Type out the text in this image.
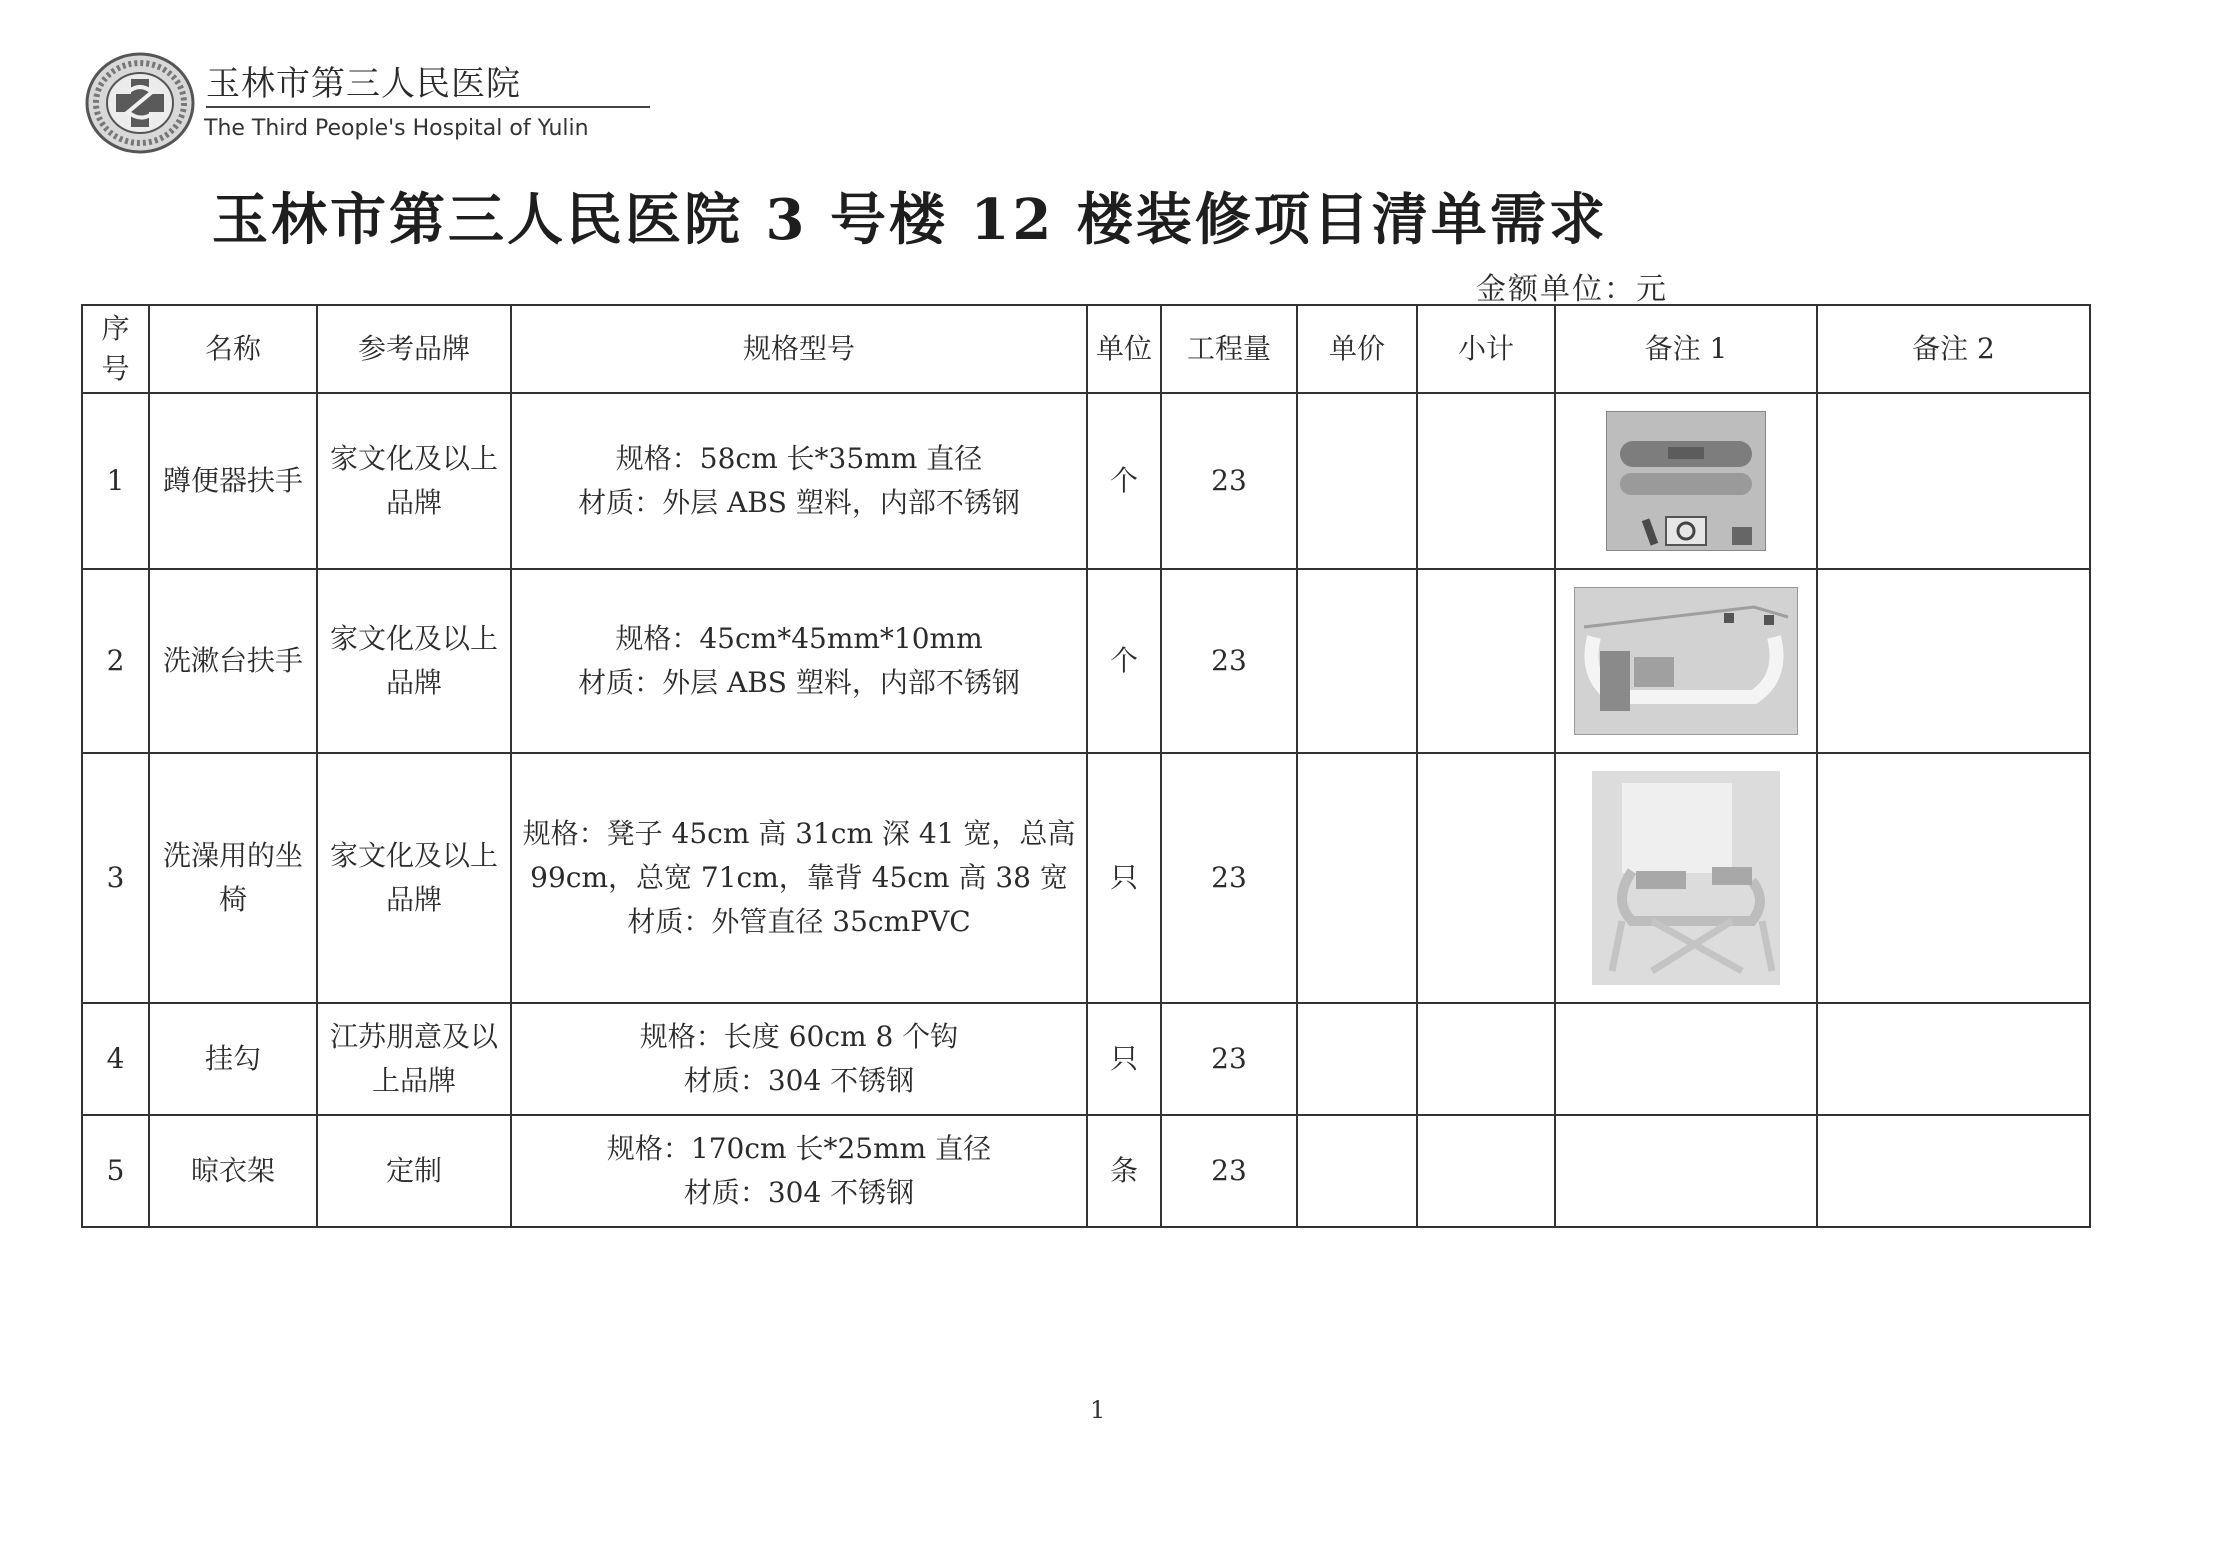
玉林市第三人民医院
The Third People's Hospital of Yulin
玉林市第三人民医院 3 号楼 12 楼装修项目清单需求
金额单位：元
序号	名称	参考品牌	规格型号	单位	工程量	单价	小计	备注 1	备注 2
1	蹲便器扶手	家文化及以上品牌	规格：58cm 长*35mm 直径
材质：外层 ABS 塑料，内部不锈钢	个	23				
2	洗漱台扶手	家文化及以上品牌	规格：45cm*45mm*10mm
材质：外层 ABS 塑料，内部不锈钢	个	23				
3	洗澡用的坐椅	家文化及以上品牌	规格：凳子 45cm 高 31cm 深 41 宽，总高
99cm，总宽 71cm，靠背 45cm 高 38 宽
材质：外管直径 35cmPVC	只	23				
4	挂勾	江苏朋意及以上品牌	规格：长度 60cm 8 个钩
材质：304 不锈钢	只	23				
5	晾衣架	定制	规格：170cm 长*25mm 直径
材质：304 不锈钢	条	23				
1
